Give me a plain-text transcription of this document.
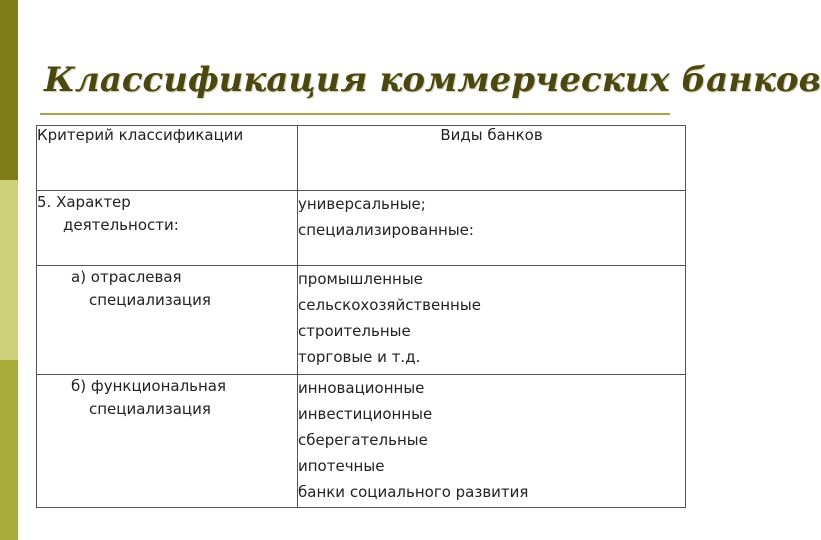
Классификация коммерческих банков
Критерий классификации	Виды банков

5. Характер
деятельности:	универсальные;
специализированные:

а) отраслевая
специализация	промышленные
сельскохозяйственные
строительные
торговые и т.д.

б) функциональная
специализация	инновационные
инвестиционные
сберегательные
ипотечные
банки социального развития
